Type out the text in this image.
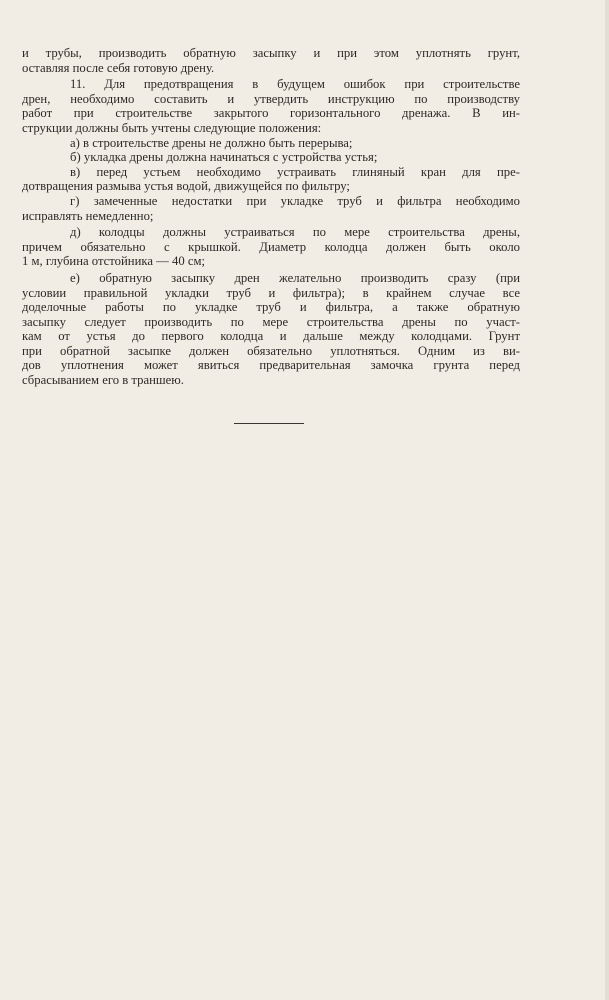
и трубы, производить обратную засыпку и при этом уплотнять грунт,
оставляя после себя готовую дрену.
11. Для предотвращения в будущем ошибок при строительстве
дрен, необходимо составить и утвердить инструкцию по производству
работ при строительстве закрытого горизонтального дренажа. В ин-
струкции должны быть учтены следующие положения:
а) в строительстве дрены не должно быть перерыва;
б) укладка дрены должна начинаться с устройства устья;
в) перед устьем необходимо устраивать глиняный кран для пре-
дотвращения размыва устья водой, движущейся по фильтру;
г) замеченные недостатки при укладке труб и фильтра необходимо
исправлять немедленно;
д) колодцы должны устраиваться по мере строительства дрены,
причем обязательно с крышкой. Диаметр колодца должен быть около
1 м, глубина отстойника — 40 см;
е) обратную засыпку дрен желательно производить сразу (при
условии правильной укладки труб и фильтра); в крайнем случае все
доделочные работы по укладке труб и фильтра, а также обратную
засыпку следует производить по мере строительства дрены по участ-
кам от устья до первого колодца и дальше между колодцами. Грунт
при обратной засыпке должен обязательно уплотняться. Одним из ви-
дов уплотнения может явиться предварительная замочка грунта перед
сбрасыванием его в траншею.
